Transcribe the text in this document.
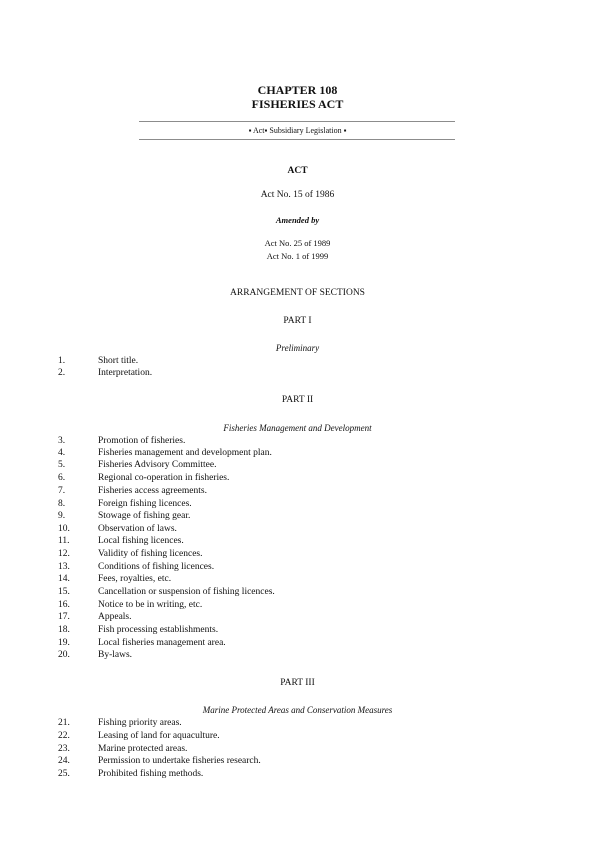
CHAPTER 108
FISHERIES ACT
▪ Act▪ Subsidiary Legislation ▪
ACT
Act No. 15 of 1986
Amended by
Act No. 25 of 1989
Act No. 1 of 1999
ARRANGEMENT OF SECTIONS
PART I
Preliminary
1.	Short title.
2.	Interpretation.
PART II
Fisheries Management and Development
3.	Promotion of fisheries.
4.	Fisheries management and development plan.
5.	Fisheries Advisory Committee.
6.	Regional co-operation in fisheries.
7.	Fisheries access agreements.
8.	Foreign fishing licences.
9.	Stowage of fishing gear.
10.	Observation of laws.
11.	Local fishing licences.
12.	Validity of fishing licences.
13.	Conditions of fishing licences.
14.	Fees, royalties, etc.
15.	Cancellation or suspension of fishing licences.
16.	Notice to be in writing, etc.
17.	Appeals.
18.	Fish processing establishments.
19.	Local fisheries management area.
20.	By-laws.
PART III
Marine Protected Areas and Conservation Measures
21.	Fishing priority areas.
22.	Leasing of land for aquaculture.
23.	Marine protected areas.
24.	Permission to undertake fisheries research.
25.	Prohibited fishing methods.
